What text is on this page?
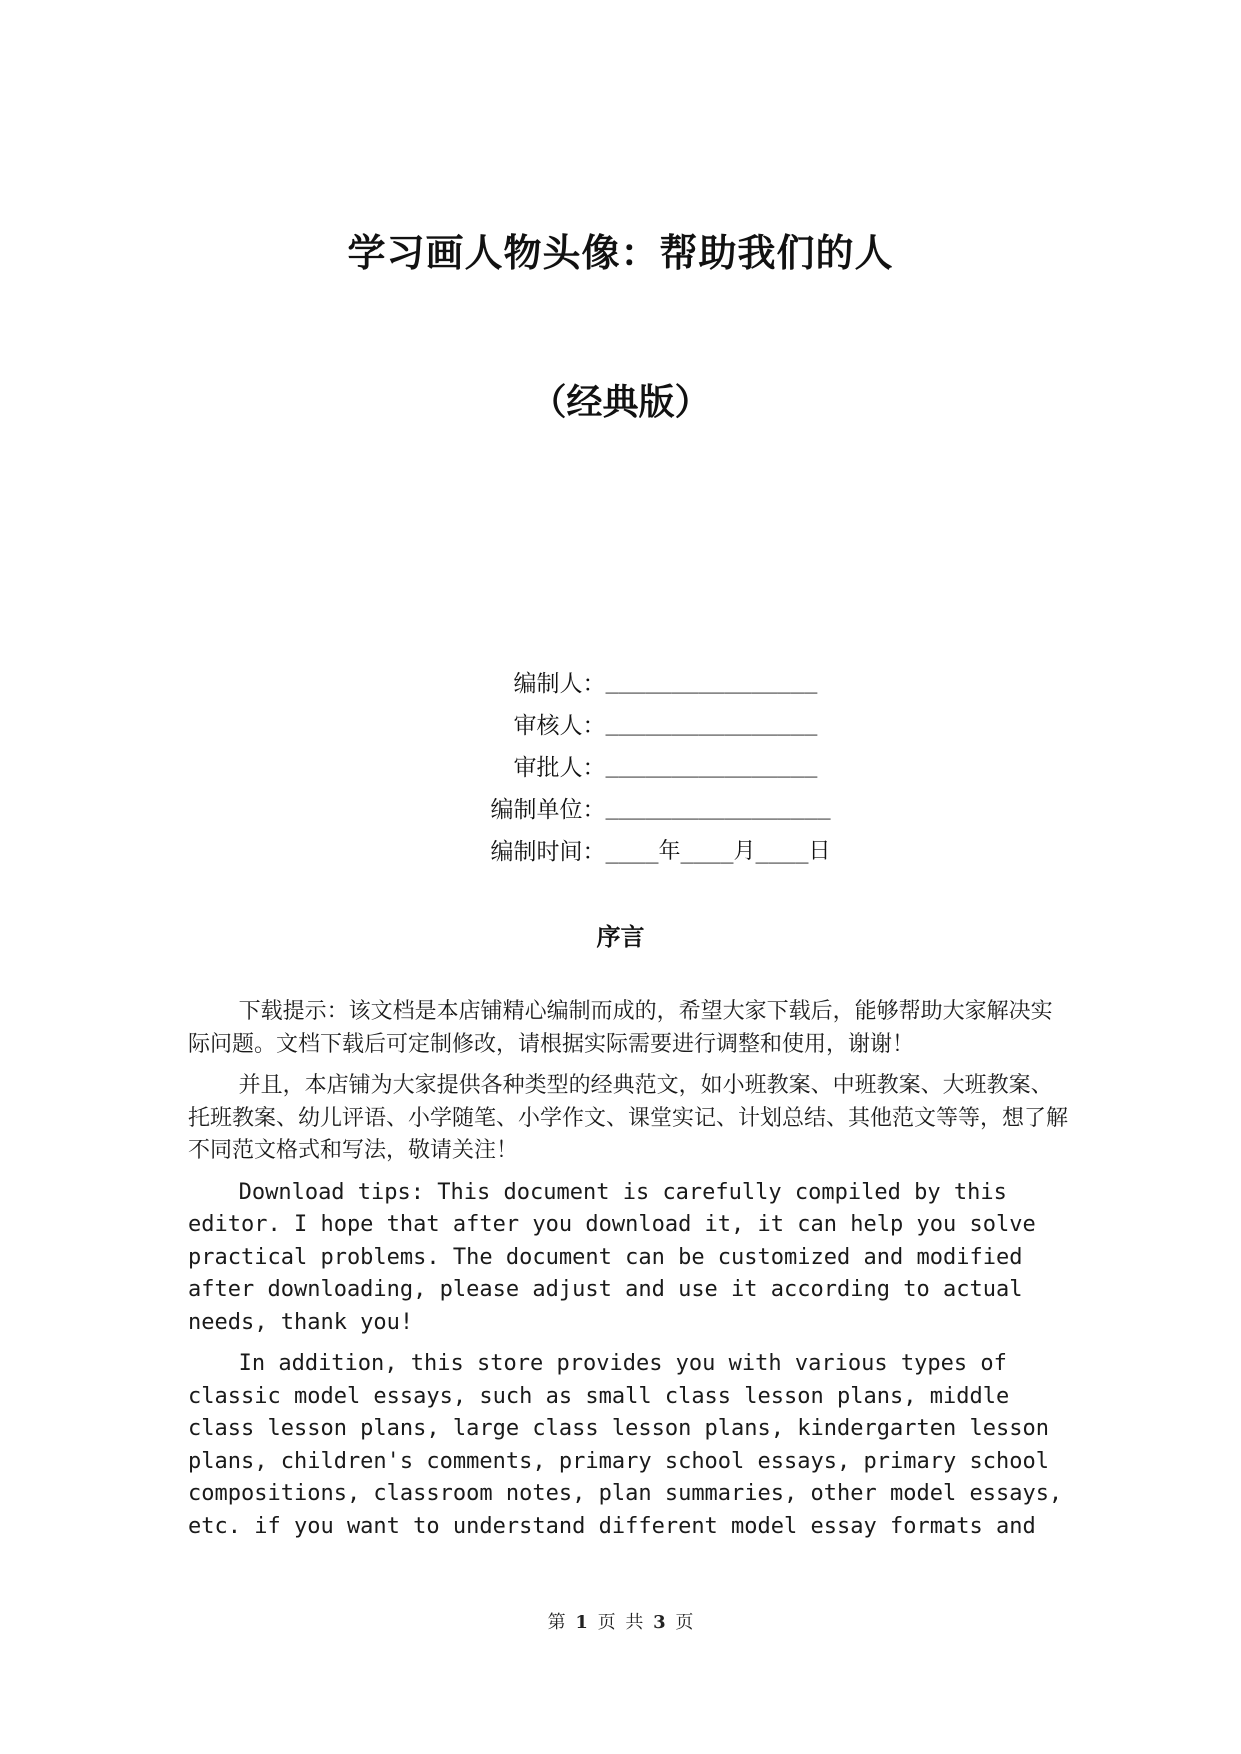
学习画人物头像：帮助我们的人
（经典版）
编制人： ________________
审核人： ________________
审批人： ________________
编制单位： _________________
编制时间： ____年____月____日
序言

下载提示：该文档是本店铺精心编制而成的，希望大家下载后，能够帮助大家解决实际问题。文档下载后可定制修改，请根据实际需要进行调整和使用，谢谢！

并且，本店铺为大家提供各种类型的经典范文，如小班教案、中班教案、大班教案、托班教案、幼儿评语、小学随笔、小学作文、课堂实记、计划总结、其他范文等等，想了解不同范文格式和写法，敬请关注！

Download tips: This document is carefully compiled by this editor. I hope that after you download it, it can help you solve practical problems. The document can be customized and modified after downloading, please adjust and use it according to actual needs, thank you!

In addition, this store provides you with various types of classic model essays, such as small class lesson plans, middle class lesson plans, large class lesson plans, kindergarten lesson plans, children's comments, primary school essays, primary school compositions, classroom notes, plan summaries, other model essays, etc. if you want to understand different model essay formats and

第 1 页 共 3 页
